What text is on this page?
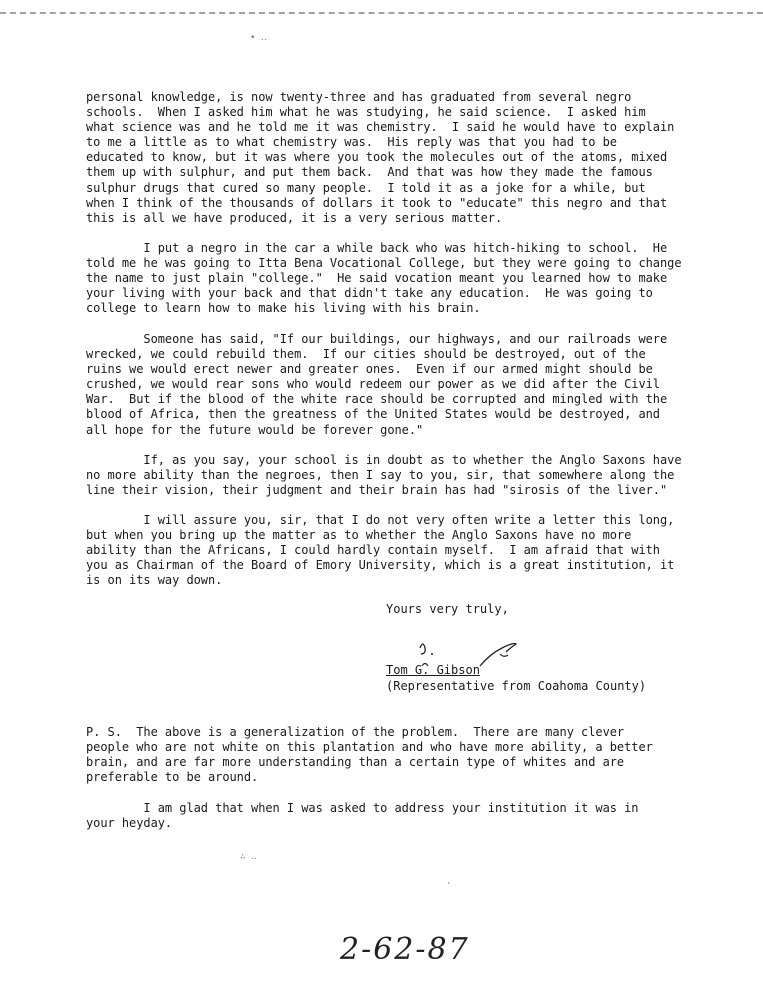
• ‥
∴ ‥
·

personal knowledge, is now twenty-three and has graduated from several negro
schools.  When I asked him what he was studying, he said science.  I asked him
what science was and he told me it was chemistry.  I said he would have to explain
to me a little as to what chemistry was.  His reply was that you had to be
educated to know, but it was where you took the molecules out of the atoms, mixed
them up with sulphur, and put them back.  And that was how they made the famous
sulphur drugs that cured so many people.  I told it as a joke for a while, but
when I think of the thousands of dollars it took to "educate" this negro and that
this is all we have produced, it is a very serious matter.

I put a negro in the car a while back who was hitch-hiking to school.  He
told me he was going to Itta Bena Vocational College, but they were going to change
the name to just plain "college."  He said vocation meant you learned how to make
your living with your back and that didn't take any education.  He was going to
college to learn how to make his living with his brain.

Someone has said, "If our buildings, our highways, and our railroads were
wrecked, we could rebuild them.  If our cities should be destroyed, out of the
ruins we would erect newer and greater ones.  Even if our armed might should be
crushed, we would rear sons who would redeem our power as we did after the Civil
War.  But if the blood of the white race should be corrupted and mingled with the
blood of Africa, then the greatness of the United States would be destroyed, and
all hope for the future would be forever gone."

If, as you say, your school is in doubt as to whether the Anglo Saxons have
no more ability than the negroes, then I say to you, sir, that somewhere along the
line their vision, their judgment and their brain has had "sirosis of the liver."

I will assure you, sir, that I do not very often write a letter this long,
but when you bring up the matter as to whether the Anglo Saxons have no more
ability than the Africans, I could hardly contain myself.  I am afraid that with
you as Chairman of the Board of Emory University, which is a great institution, it
is on its way down.

Yours very truly,
Tom G. Gibson
(Representative from Coahoma County)

P. S.  The above is a generalization of the problem.  There are many clever
people who are not white on this plantation and who have more ability, a better
brain, and are far more understanding than a certain type of whites and are
preferable to be around.

I am glad that when I was asked to address your institution it was in
your heyday.

2-62-87
